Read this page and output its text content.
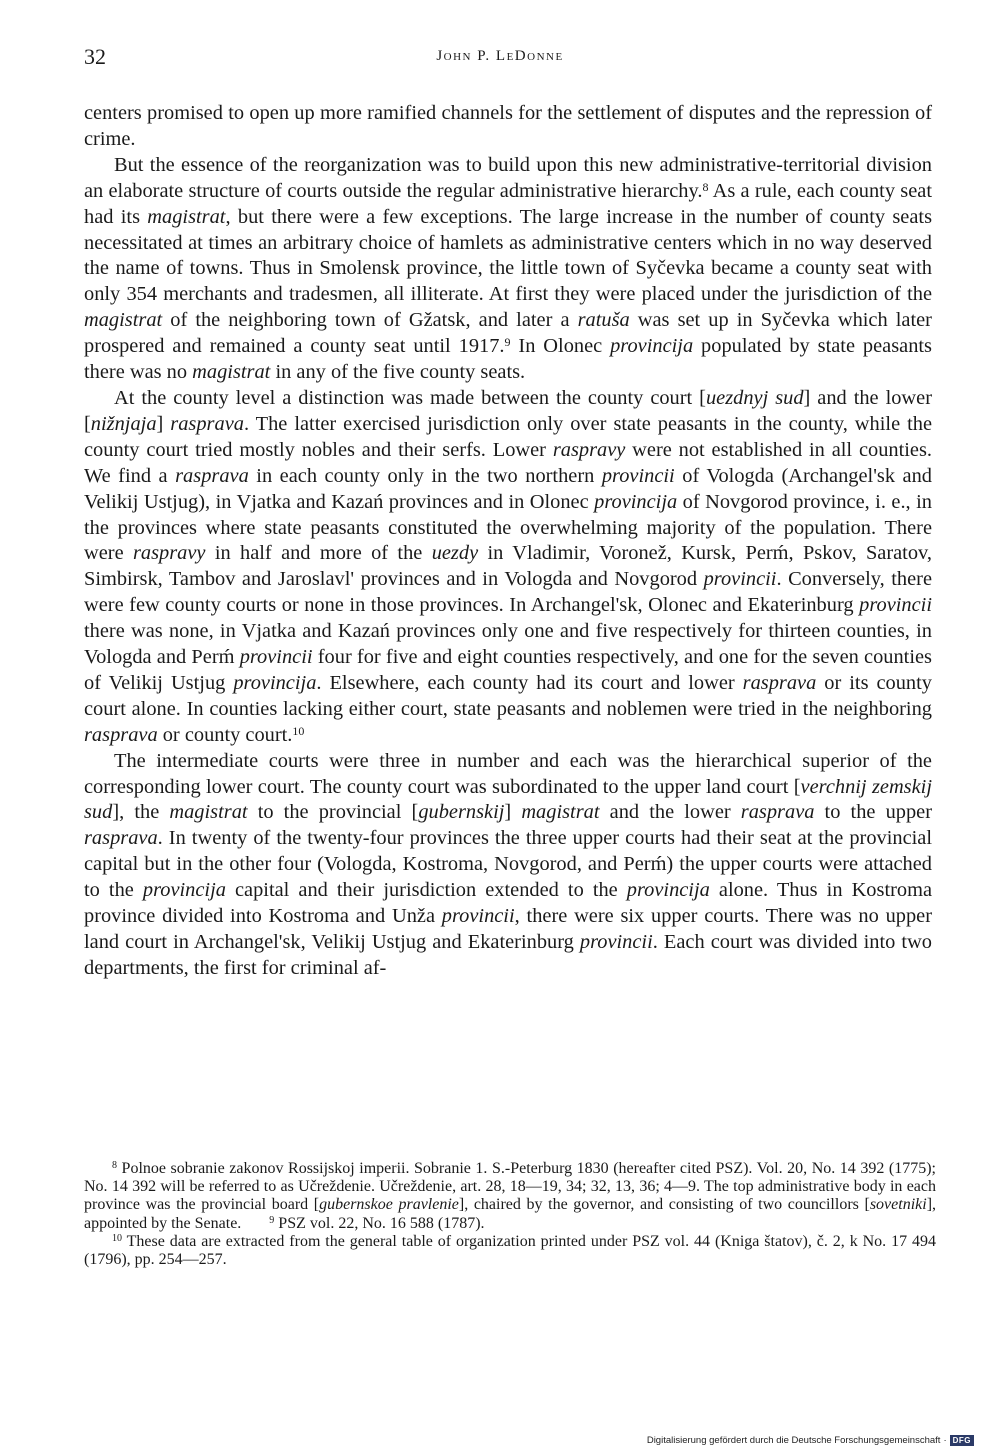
32	John P. LeDonne

centers promised to open up more ramified channels for the settlement of disputes and the repression of crime.

But the essence of the reorganization was to build upon this new administrative-territorial division an elaborate structure of courts outside the regular administrative hierarchy.$^8$ As a rule, each county seat had its magistrat, but there were a few exceptions. The large increase in the number of county seats necessitated at times an arbitrary choice of hamlets as administrative centers which in no way deserved the name of towns. Thus in Smolensk province, the little town of Syčevka became a county seat with only 354 merchants and tradesmen, all illiterate. At first they were placed under the jurisdiction of the magistrat of the neighboring town of Gžatsk, and later a ratuša was set up in Syčevka which later prospered and remained a county seat until 1917.$^9$ In Olonec provincija populated by state peasants there was no magistrat in any of the five county seats.

At the county level a distinction was made between the county court [uezdnyj sud] and the lower [nižnjaja] rasprava. The latter exercised jurisdiction only over state peasants in the county, while the county court tried mostly nobles and their serfs. Lower raspravy were not established in all counties. We find a rasprava in each county only in the two northern provincii of Vologda (Archangel'sk and Velikij Ustjug), in Vjatka and Kazań provinces and in Olonec provincija of Novgorod province, i. e., in the provinces where state peasants constituted the overwhelming majority of the population. There were raspravy in half and more of the uezdy in Vladimir, Voronež, Kursk, Perḿ, Pskov, Saratov, Simbirsk, Tambov and Jaroslavl' provinces and in Vologda and Novgorod provincii. Conversely, there were few county courts or none in those provinces. In Archangel'sk, Olonec and Ekaterinburg provincii there was none, in Vjatka and Kazań provinces only one and five respectively for thirteen counties, in Vologda and Perḿ provincii four for five and eight counties respectively, and one for the seven counties of Velikij Ustjug provincija. Elsewhere, each county had its court and lower rasprava or its county court alone. In counties lacking either court, state peasants and noblemen were tried in the neighboring rasprava or county court.$^{10}$

The intermediate courts were three in number and each was the hierarchical superior of the corresponding lower court. The county court was subordinated to the upper land court [verchnij zemskij sud], the magistrat to the provincial [gubernskij] magistrat and the lower rasprava to the upper rasprava. In twenty of the twenty-four provinces the three upper courts had their seat at the provincial capital but in the other four (Vologda, Kostroma, Novgorod, and Perḿ) the upper courts were attached to the provincija capital and their jurisdiction extended to the provincija alone. Thus in Kostroma province divided into Kostroma and Unža provincii, there were six upper courts. There was no upper land court in Archangel'sk, Velikij Ustjug and Ekaterinburg provincii. Each court was divided into two departments, the first for criminal af-

$^8$ Polnoe sobranie zakonov Rossijskoj imperii. Sobranie 1. S.-Peterburg 1830 (hereafter cited PSZ). Vol. 20, No. 14 392 (1775); No. 14 392 will be referred to as Učreždenie. Učreždenie, art. 28, 18—19, 34; 32, 13, 36; 4—9. The top administrative body in each province was the provincial board [gubernskoe pravlenie], chaired by the governor, and consisting of two councillors [sovetniki], appointed by the Senate.	$^9$ PSZ vol. 22, No. 16 588 (1787).

$^{10}$ These data are extracted from the general table of organization printed under PSZ vol. 44 (Kniga štatov), č. 2, k No. 17 494 (1796), pp. 254—257.

Digitalisierung gefördert durch die Deutsche Forschungsgemeinschaft · DFG
